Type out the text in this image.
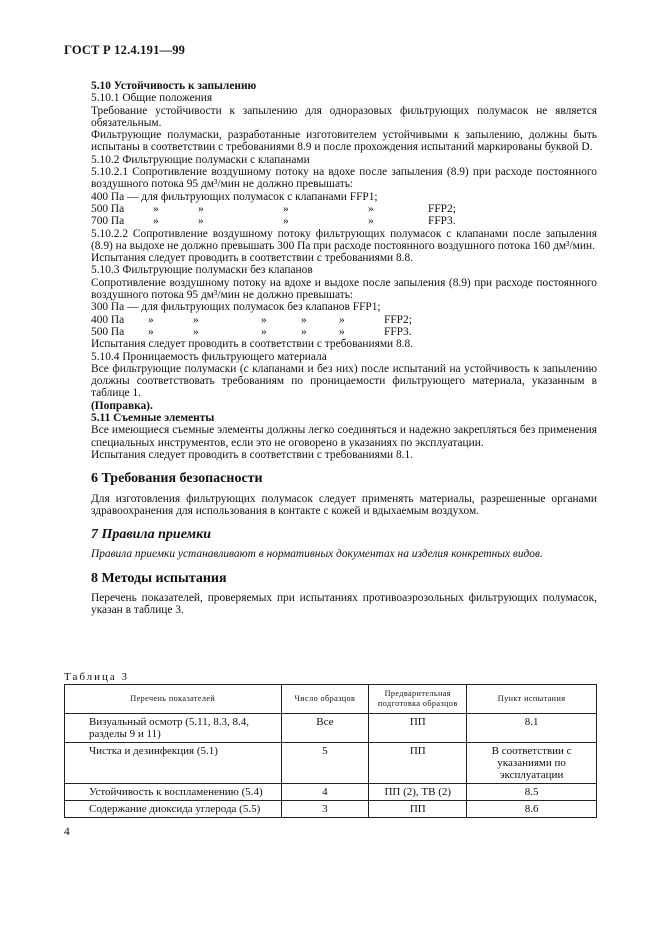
ГОСТ Р 12.4.191—99

5.10 Устойчивость к запылению

5.10.1 Общие положения

Требование устойчивости к запылению для одноразовых фильтрующих полумасок не является обязательным.

Фильтрующие полумаски, разработанные изготовителем устойчивыми к запылению, должны быть испытаны в соответствии с требованиями 8.9 и после прохождения испытаний маркированы буквой D.

5.10.2 Фильтрующие полумаски с клапанами

5.10.2.1 Сопротивление воздушному потоку на вдохе после запыления (8.9) при расходе постоянного воздушного потока 95 дм³/мин не должно превышать:

400 Па — для фильтрующих полумасок с клапанами FFP1;

500 Па	»	»	»	»	FFP2;
700 Па	»	»	»	»	FFP3.

5.10.2.2 Сопротивление воздушному потоку фильтрующих полумасок с клапанами после запыления (8.9) на выдохе не должно превышать 300 Па при расходе постоянного воздушного потока 160 дм³/мин.

Испытания следует проводить в соответствии с требованиями 8.8.

5.10.3 Фильтрующие полумаски без клапанов

Сопротивление воздушному потоку на вдохе и выдохе после запыления (8.9) при расходе постоянного воздушного потока 95 дм³/мин не должно превышать:

300 Па — для фильтрующих полумасок без клапанов FFP1;

400 Па	»	»	»	»	»	FFP2;
500 Па	»	»	»	»	»	FFP3.

Испытания следует проводить в соответствии с требованиями 8.8.

5.10.4 Проницаемость фильтрующего материала

Все фильтрующие полумаски (с клапанами и без них) после испытаний на устойчивость к запылению должны соответствовать требованиям по проницаемости фильтрующего материала, указанным в таблице 1.

(Поправка).

5.11 Съемные элементы

Все имеющиеся съемные элементы должны легко соединяться и надежно закрепляться без применения специальных инструментов, если это не оговорено в указаниях по эксплуатации.

Испытания следует проводить в соответствии с требованиями 8.1.

6 Требования безопасности

Для изготовления фильтрующих полумасок следует применять материалы, разрешенные органами здравоохранения для использования в контакте с кожей и вдыхаемым воздухом.

7 Правила приемки

Правила приемки устанавливают в нормативных документах на изделия конкретных видов.

8 Методы испытания

Перечень показателей, проверяемых при испытаниях противоаэрозольных фильтрующих полумасок, указан в таблице 3.

Таблица 3
Перечень показателей	Число образцов	Предварительная подготовка образцов	Пункт испытания
Визуальный осмотр (5.11, 8.3, 8.4, разделы 9 и 11)	Все	ПП	8.1
Чистка и дезинфекция (5.1)	5	ПП	В соответствии с указаниями по эксплуатации
Устойчивость к воспламенению (5.4)	4	ПП (2), ТВ (2)	8.5
Содержание диоксида углерода (5.5)	3	ПП	8.6
4
